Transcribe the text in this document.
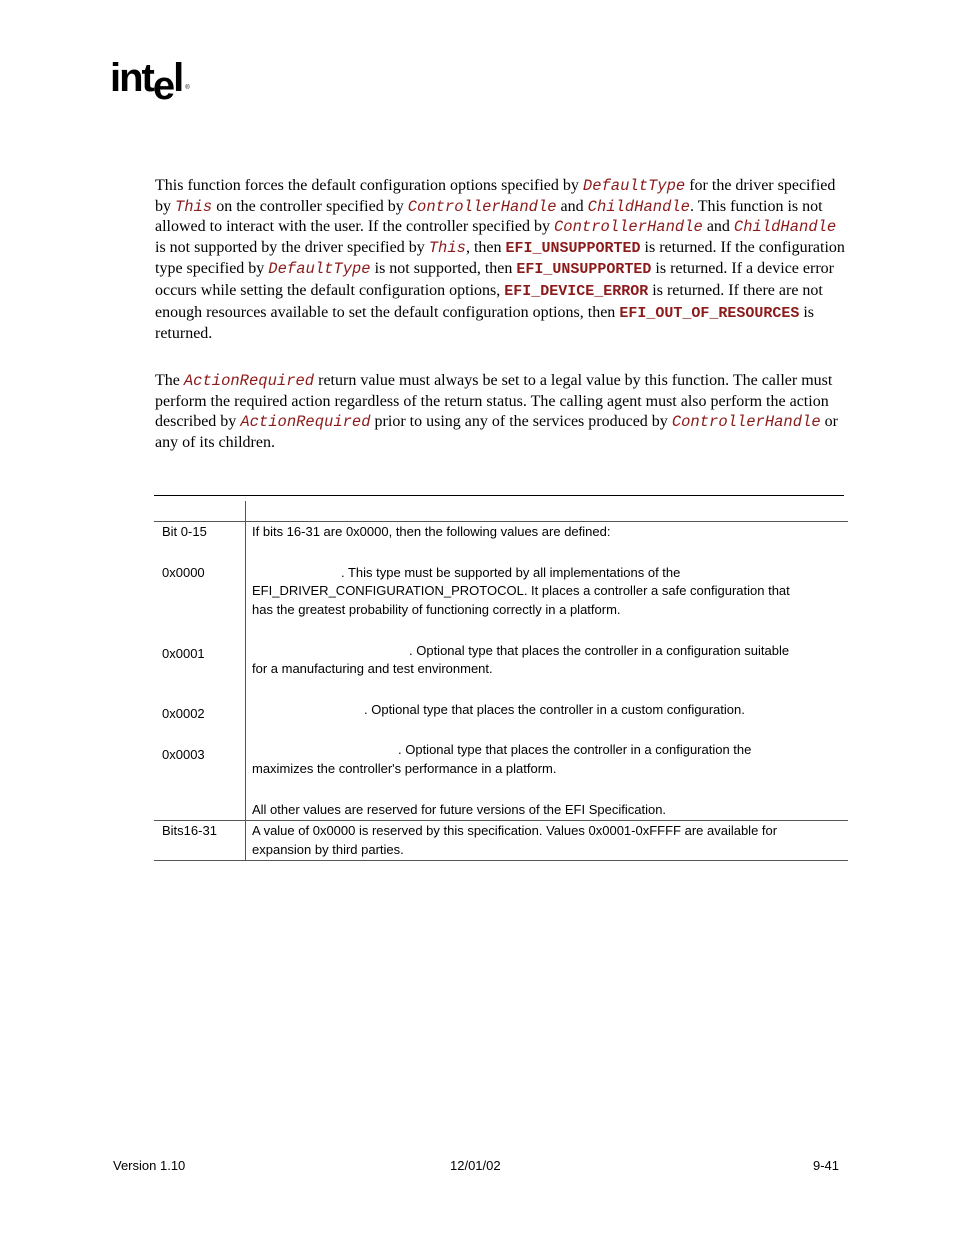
intel ®
This function forces the default configuration options specified by DefaultType for the driver specified by This on the controller specified by ControllerHandle and ChildHandle. This function is not allowed to interact with the user. If the controller specified by ControllerHandle and ChildHandle is not supported by the driver specified by This, then EFI_UNSUPPORTED is returned. If the configuration type specified by DefaultType is not supported, then EFI_UNSUPPORTED is returned. If a device error occurs while setting the default configuration options, EFI_DEVICE_ERROR is returned. If there are not enough resources available to set the default configuration options, then EFI_OUT_OF_RESOURCES is returned.
The ActionRequired return value must always be set to a legal value by this function. The caller must perform the required action regardless of the return status. The calling agent must also perform the action described by ActionRequired prior to using any of the services produced by ControllerHandle or any of its children.
Bit 0-15	If bits 16-31 are 0x0000, then the following values are defined:
0x0000	. This type must be supported by all implementations of the
EFI_DRIVER_CONFIGURATION_PROTOCOL. It places a controller a safe configuration that
has the greatest probability of functioning correctly in a platform.
0x0001	. Optional type that places the controller in a configuration suitable
for a manufacturing and test environment.
0x0002	. Optional type that places the controller in a custom configuration.
0x0003	. Optional type that places the controller in a configuration the
maximizes the controller's performance in a platform.
All other values are reserved for future versions of the EFI Specification.
Bits16-31	A value of 0x0000 is reserved by this specification. Values 0x0001-0xFFFF are available for
expansion by third parties.
Version 1.10	12/01/02	9-41
